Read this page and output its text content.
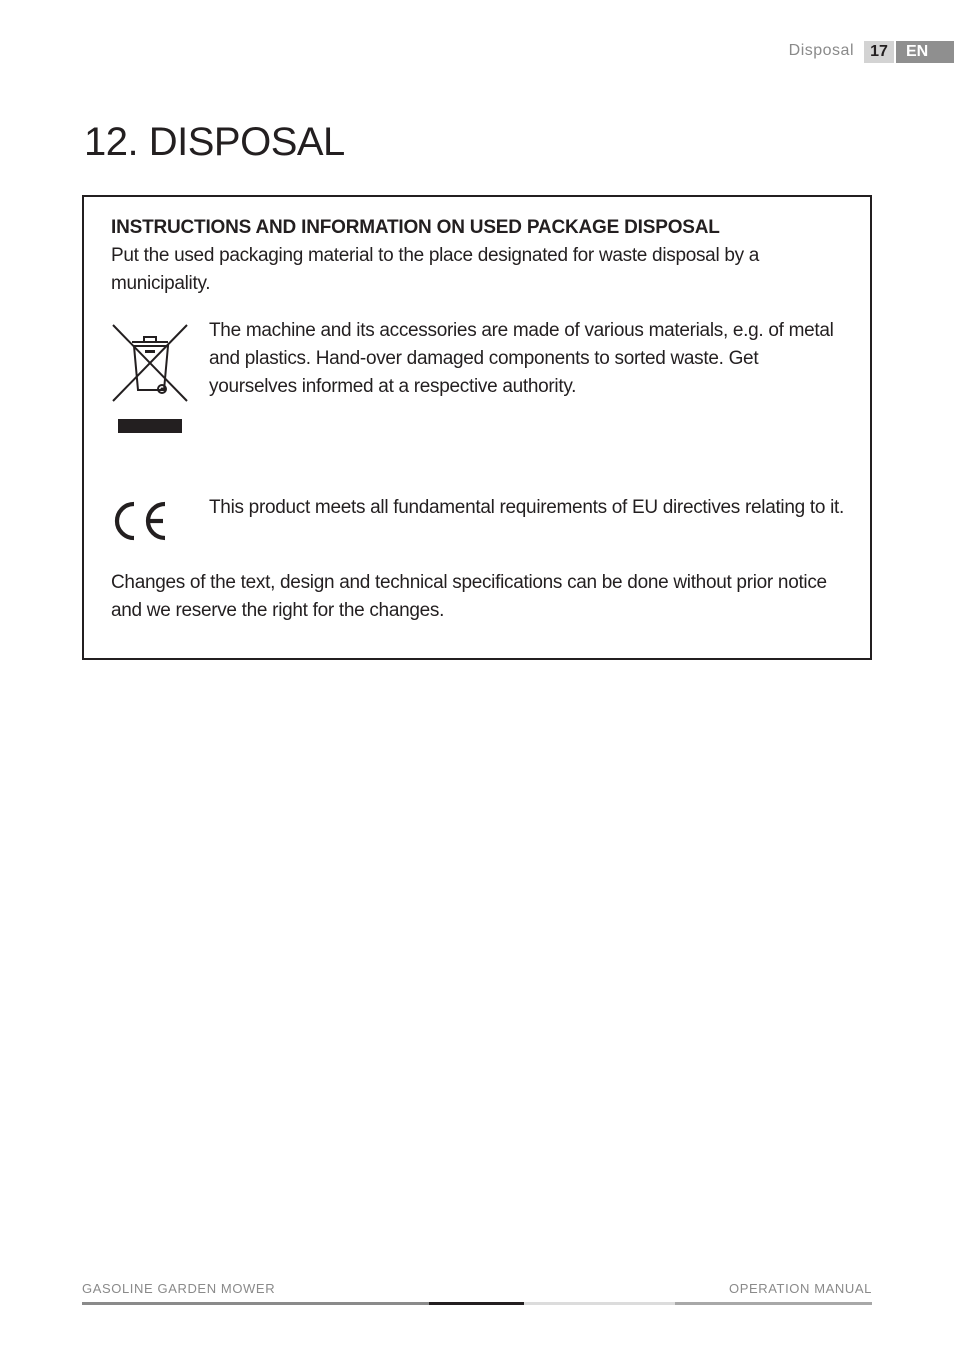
Disposal	17	EN
12. DISPOSAL
INSTRUCTIONS AND INFORMATION ON USED PACKAGE DISPOSAL

Put the used packaging material to the place designated for waste disposal by a municipality.

The machine and its accessories are made of various materials, e.g. of metal and plastics. Hand-over damaged components to sorted waste. Get yourselves informed at a respective authority.

This product meets all fundamental requirements of EU directives relating to it.

Changes of the text, design and technical specifications can be done without prior notice and we reserve the right for the changes.

GASOLINE GARDEN MOWER	OPERATION MANUAL
